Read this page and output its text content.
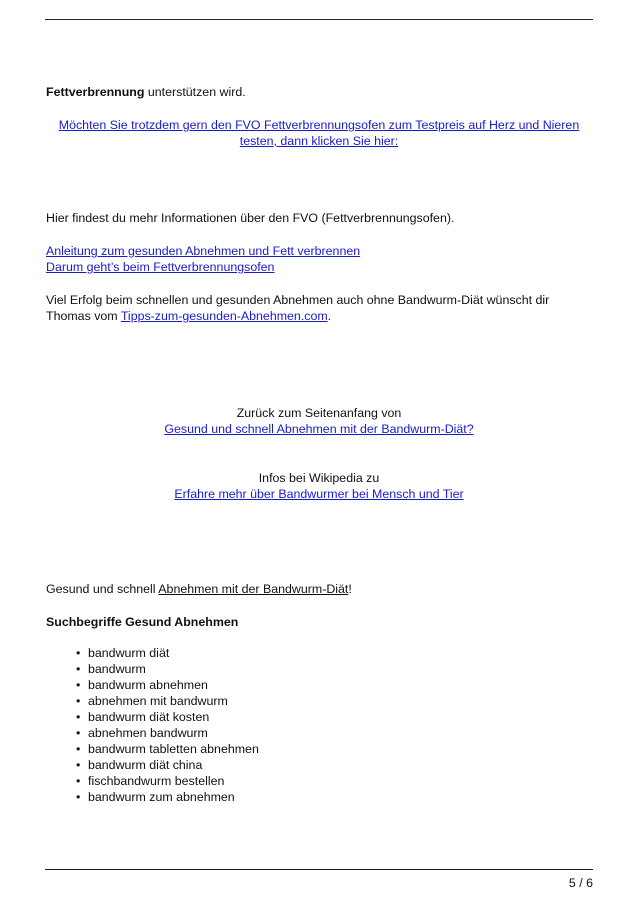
Fettverbrennung unterstützen wird.
Möchten Sie trotzdem gern den FVO Fettverbrennungsofen zum Testpreis auf Herz und Nieren
testen, dann klicken Sie hier:
Hier findest du mehr Informationen über den FVO (Fettverbrennungsofen).
Anleitung zum gesunden Abnehmen und Fett verbrennen
Darum geht’s beim Fettverbrennungsofen
Viel Erfolg beim schnellen und gesunden Abnehmen auch ohne Bandwurm-Diät wünscht dir
Thomas vom Tipps-zum-gesunden-Abnehmen.com.
Zurück zum Seitenanfang von
Gesund und schnell Abnehmen mit der Bandwurm-Diät?
Infos bei Wikipedia zu
Erfahre mehr über Bandwurmer bei Mensch und Tier
Gesund und schnell Abnehmen mit der Bandwurm-Diät!
Suchbegriffe Gesund Abnehmen
• bandwurm diät
• bandwurm
• bandwurm abnehmen
• abnehmen mit bandwurm
• bandwurm diät kosten
• abnehmen bandwurm
• bandwurm tabletten abnehmen
• bandwurm diät china
• fischbandwurm bestellen
• bandwurm zum abnehmen
5 / 6
